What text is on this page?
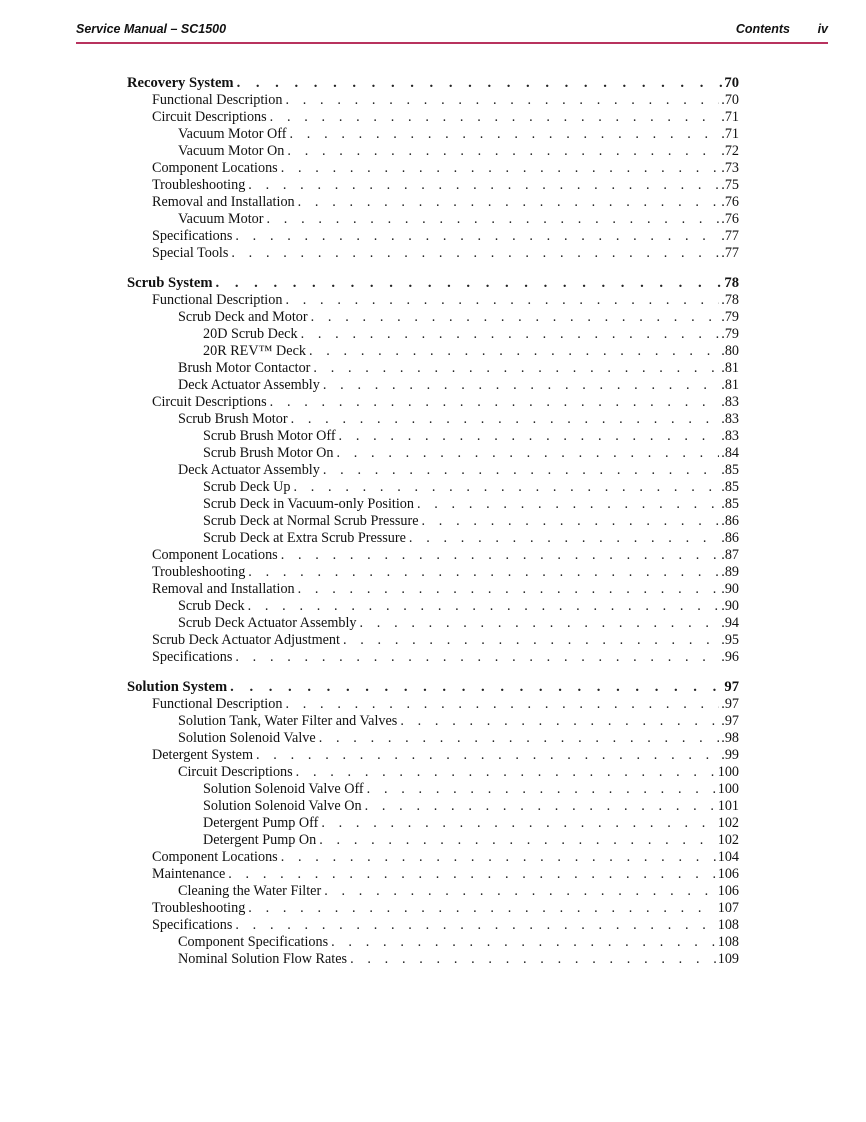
Service Manual – SC1500	Contents iv
Recovery System . . .	70
Functional Description . . .	.70
Circuit Descriptions . . .	.71
Vacuum Motor Off . . .	.71
Vacuum Motor On . . .	.72
Component Locations . . .	.73
Troubleshooting . . .	.75
Removal and Installation . . .	.76
Vacuum Motor . . .	.76
Specifications . . .	.77
Special Tools . . .	.77
Scrub System . . .	78
Functional Description . . .	.78
Scrub Deck and Motor . . .	.79
20D Scrub Deck . . .	.79
20R REV™ Deck . . .	.80
Brush Motor Contactor . . .	.81
Deck Actuator Assembly . . .	.81
Circuit Descriptions . . .	.83
Scrub Brush Motor . . .	.83
Scrub Brush Motor Off . . .	.83
Scrub Brush Motor On . . .	.84
Deck Actuator Assembly . . .	.85
Scrub Deck Up . . .	.85
Scrub Deck in Vacuum-only Position . . .	.85
Scrub Deck at Normal Scrub Pressure . . .	.86
Scrub Deck at Extra Scrub Pressure . . .	.86
Component Locations . . .	.87
Troubleshooting . . .	.89
Removal and Installation . . .	.90
Scrub Deck . . .	.90
Scrub Deck Actuator Assembly . . .	.94
Scrub Deck Actuator Adjustment . . .	.95
Specifications . . .	.96
Solution System . . .	97
Functional Description . . .	.97
Solution Tank, Water Filter and Valves . . .	.97
Solution Solenoid Valve . . .	.98
Detergent System . . .	.99
Circuit Descriptions . . .	100
Solution Solenoid Valve Off . . .	100
Solution Solenoid Valve On . . .	101
Detergent Pump Off . . .	102
Detergent Pump On . . .	102
Component Locations . . .	104
Maintenance . . .	106
Cleaning the Water Filter . . .	106
Troubleshooting . . .	107
Specifications . . .	108
Component Specifications . . .	108
Nominal Solution Flow Rates . . .	109
